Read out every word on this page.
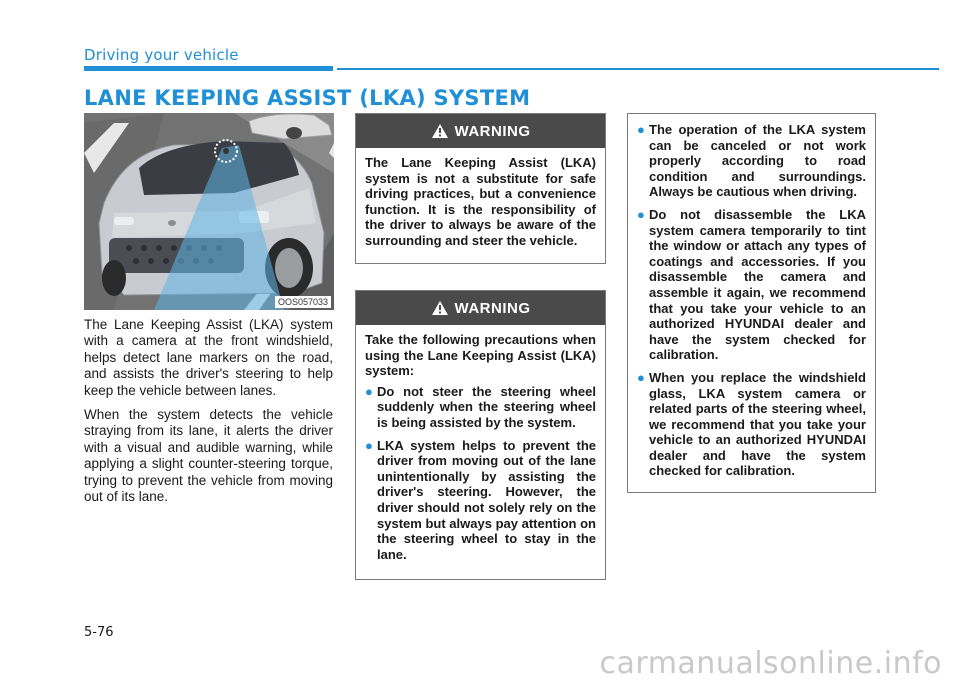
Driving your vehicle
LANE KEEPING ASSIST (LKA) SYSTEM
OOS057033

The Lane Keeping Assist (LKA) system with a camera at the front windshield, helps detect lane markers on the road, and assists the driver's steering to help keep the vehicle between lanes.

When the system detects the vehicle straying from its lane, it alerts the driver with a visual and audible warning, while applying a slight counter-steering torque, trying to prevent the vehicle from moving out of its lane.

WARNING

The Lane Keeping Assist (LKA) system is not a substitute for safe driving practices, but a convenience function. It is the responsibility of the driver to always be aware of the surrounding and steer the vehicle.

WARNING

Take the following precautions when using the Lane Keeping Assist (LKA) system:

● Do not steer the steering wheel suddenly when the steering wheel is being assisted by the system.
● LKA system helps to prevent the driver from moving out of the lane unintentionally by assisting the driver's steering. However, the driver should not solely rely on the system but always pay attention on the steering wheel to stay in the lane.
● The operation of the LKA system can be canceled or not work properly according to road condition and surroundings. Always be cautious when driving.
● Do not disassemble the LKA system camera temporarily to tint the window or attach any types of coatings and accessories. If you disassemble the camera and assemble it again, we recommend that you take your vehicle to an authorized HYUNDAI dealer and have the system checked for calibration.
● When you replace the windshield glass, LKA system camera or related parts of the steering wheel, we recommend that you take your vehicle to an authorized HYUNDAI dealer and have the system checked for calibration.
5-76
carmanualsonline.info
